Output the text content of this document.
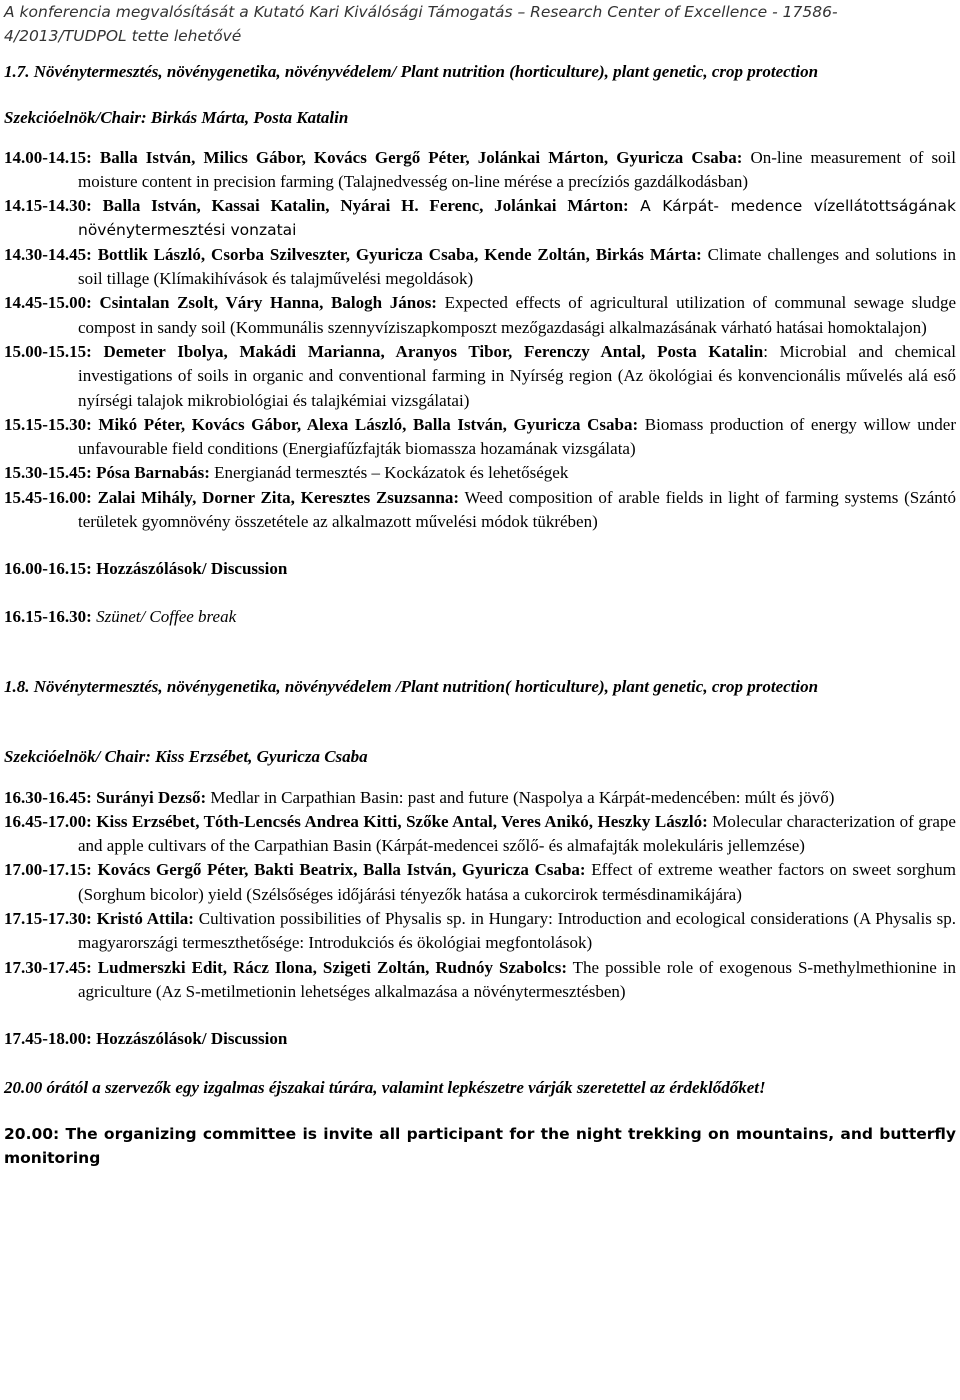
A konferencia megvalósítását a Kutató Kari Kiválósági Támogatás – Research Center of Excellence - 17586-4/2013/TUDPOL tette lehetővé

1.7. Növénytermesztés, növénygenetika, növényvédelem/ Plant nutrition (horticulture), plant genetic, crop protection

Szekcióelnök/Chair: Birkás Márta, Posta Katalin

14.00-14.15: Balla István, Milics Gábor, Kovács Gergő Péter, Jolánkai Márton, Gyuricza Csaba: On-line measurement of soil moisture content in precision farming (Talajnedvesség on-line mérése a precíziós gazdálkodásban)
14.15-14.30: Balla István, Kassai Katalin, Nyárai H. Ferenc, Jolánkai Márton: A Kárpát- medence vízellátottságának növénytermesztési vonzatai
14.30-14.45: Bottlik László, Csorba Szilveszter, Gyuricza Csaba, Kende Zoltán, Birkás Márta: Climate challenges and solutions in soil tillage (Klímakihívások és talajművelési megoldások)
14.45-15.00: Csintalan Zsolt, Váry Hanna, Balogh János: Expected effects of agricultural utilization of communal sewage sludge compost in sandy soil (Kommunális szennyvíziszapkomposzt mezőgazdasági alkalmazásának várható hatásai homoktalajon)
15.00-15.15: Demeter Ibolya, Makádi Marianna, Aranyos Tibor, Ferenczy Antal, Posta Katalin: Microbial and chemical investigations of soils in organic and conventional farming in Nyírség region (Az ökológiai és konvencionális művelés alá eső nyírségi talajok mikrobiológiai és talajkémiai vizsgálatai)
15.15-15.30: Mikó Péter, Kovács Gábor, Alexa László, Balla István, Gyuricza Csaba: Biomass production of energy willow under unfavourable field conditions (Energiafűzfajták biomassza hozamának vizsgálata)
15.30-15.45: Pósa Barnabás: Energianád termesztés – Kockázatok és lehetőségek
15.45-16.00: Zalai Mihály, Dorner Zita, Keresztes Zsuzsanna: Weed composition of arable fields in light of farming systems (Szántó területek gyomnövény összetétele az alkalmazott művelési módok tükrében)

16.00-16.15: Hozzászólások/ Discussion

16.15-16.30: Szünet/ Coffee break

1.8. Növénytermesztés, növénygenetika, növényvédelem /Plant nutrition( horticulture), plant genetic, crop protection

Szekcióelnök/ Chair: Kiss Erzsébet, Gyuricza Csaba

16.30-16.45: Surányi Dezső: Medlar in Carpathian Basin: past and future (Naspolya a Kárpát-medencében: múlt és jövő)
16.45-17.00: Kiss Erzsébet, Tóth-Lencsés Andrea Kitti, Szőke Antal, Veres Anikó, Heszky László: Molecular characterization of grape and apple cultivars of the Carpathian Basin (Kárpát-medencei szőlő- és almafajták molekuláris jellemzése)
17.00-17.15: Kovács Gergő Péter, Bakti Beatrix, Balla István, Gyuricza Csaba: Effect of extreme weather factors on sweet sorghum (Sorghum bicolor) yield (Szélsőséges időjárási tényezők hatása a cukorcirok termésdinamikájára)
17.15-17.30: Kristó Attila: Cultivation possibilities of Physalis sp. in Hungary: Introduction and ecological considerations (A Physalis sp. magyarországi termeszthetősége: Introdukciós és ökológiai megfontolások)
17.30-17.45: Ludmerszki Edit, Rácz Ilona, Szigeti Zoltán, Rudnóy Szabolcs: The possible role of exogenous S-methylmethionine in agriculture (Az S-metilmetionin lehetséges alkalmazása a növénytermesztésben)

17.45-18.00: Hozzászólások/ Discussion

20.00 órától a szervezők egy izgalmas éjszakai túrára, valamint lepkészetre várják szeretettel az érdeklődőket!

20.00: The organizing committee is invite all participant for the night trekking on mountains, and butterfly monitoring
